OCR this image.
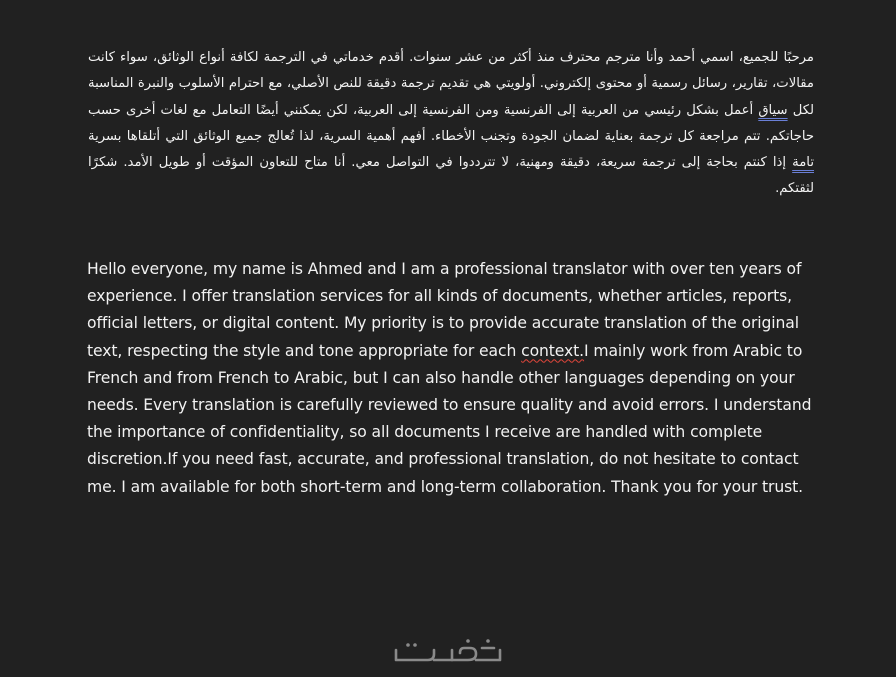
مرحبًا للجميع، اسمي أحمد وأنا مترجم محترف منذ أكثر من عشر سنوات. أقدم خدماتي في الترجمة لكافة أنواع الوثائق، سواء كانت مقالات، تقارير، رسائل رسمية أو محتوى إلكتروني. أولويتي هي تقديم ترجمة دقيقة للنص الأصلي، مع احترام الأسلوب والنبرة المناسبة لكل سياق أعمل بشكل رئيسي من العربية إلى الفرنسية ومن الفرنسية إلى العربية، لكن يمكنني أيضًا التعامل مع لغات أخرى حسب حاجاتكم. تتم مراجعة كل ترجمة بعناية لضمان الجودة وتجنب الأخطاء. أفهم أهمية السرية، لذا تُعالج جميع الوثائق التي أتلقاها بسرية تامة إذا كنتم بحاجة إلى ترجمة سريعة، دقيقة ومهنية، لا تترددوا في التواصل معي. أنا متاح للتعاون المؤقت أو طويل الأمد. شكرًا لثقتكم.

Hello everyone, my name is Ahmed and I am a professional translator with over ten years of experience. I offer translation services for all kinds of documents, whether articles, reports, official letters, or digital content. My priority is to provide accurate translation of the original text, respecting the style and tone appropriate for each context.I mainly work from Arabic to French and from French to Arabic, but I can also handle other languages depending on your needs. Every translation is carefully reviewed to ensure quality and avoid errors. I understand the importance of confidentiality, so all documents I receive are handled with complete discretion.If you need fast, accurate, and professional translation, do not hesitate to contact me. I am available for both short-term and long-term collaboration. Thank you for your trust.
